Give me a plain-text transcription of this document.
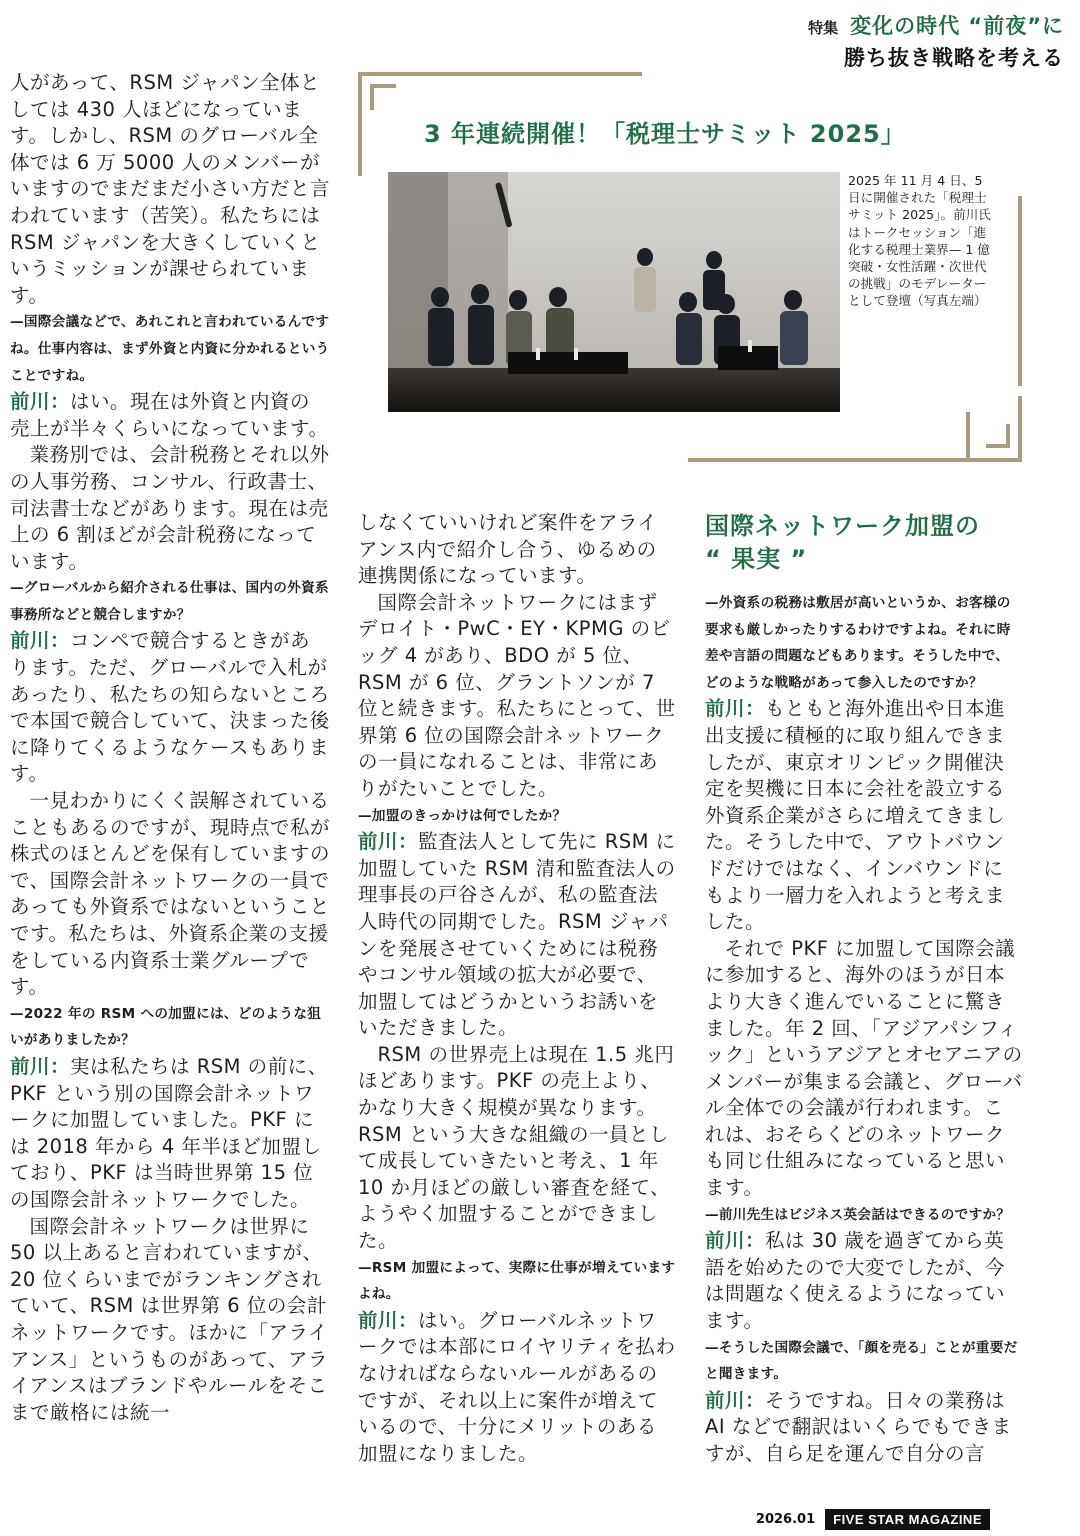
特集 変化の時代 “前夜”に
勝ち抜き戦略を考える

人があって、RSM ジャパン全体としては 430 人ほどになっています。しかし、RSM のグローバル全体では 6 万 5000 人のメンバーがいますのでまだまだ小さい方だと言われています（苦笑）。私たちには RSM ジャパンを大きくしていくというミッションが課せられています。

—国際会議などで、あれこれと言われているんですね。仕事内容は、まず外資と内資に分かれるということですね。

前川：はい。現在は外資と内資の売上が半々くらいになっています。

業務別では、会計税務とそれ以外の人事労務、コンサル、行政書士、司法書士などがあります。現在は売上の 6 割ほどが会計税務になっています。

—グローバルから紹介される仕事は、国内の外資系事務所などと競合しますか？

前川：コンペで競合するときがあります。ただ、グローバルで入札があったり、私たちの知らないところで本国で競合していて、決まった後に降りてくるようなケースもあります。

一見わかりにくく誤解されていることもあるのですが、現時点で私が株式のほとんどを保有していますので、国際会計ネットワークの一員であっても外資系ではないということです。私たちは、外資系企業の支援をしている内資系士業グループです。

—2022 年の RSM への加盟には、どのような狙いがありましたか？

前川：実は私たちは RSM の前に、PKF という別の国際会計ネットワークに加盟していました。PKF には 2018 年から 4 年半ほど加盟しており、PKF は当時世界第 15 位の国際会計ネットワークでした。

国際会計ネットワークは世界に 50 以上あると言われていますが、20 位くらいまでがランキングされていて、RSM は世界第 6 位の会計ネットワークです。ほかに「アライアンス」というものがあって、アライアンスはブランドやルールをそこまで厳格には統一

3 年連続開催！「税理士サミット 2025」
2025 年 11 月 4 日、5 日に開催された「税理士サミット 2025」。前川氏はトークセッション「進化する税理士業界— 1 億突破・女性活躍・次世代の挑戦」のモデレーターとして登壇（写真左端）

しなくていいけれど案件をアライアンス内で紹介し合う、ゆるめの連携関係になっています。

国際会計ネットワークにはまずデロイト・PwC・EY・KPMG のビッグ 4 があり、BDO が 5 位、RSM が 6 位、グラントソンが 7 位と続きます。私たちにとって、世界第 6 位の国際会計ネットワークの一員になれることは、非常にありがたいことでした。

—加盟のきっかけは何でしたか？

前川：監査法人として先に RSM に加盟していた RSM 清和監査法人の理事長の戸谷さんが、私の監査法人時代の同期でした。RSM ジャパンを発展させていくためには税務やコンサル領域の拡大が必要で、加盟してはどうかというお誘いをいただきました。

RSM の世界売上は現在 1.5 兆円ほどあります。PKF の売上より、かなり大きく規模が異なります。RSM という大きな組織の一員として成長していきたいと考え、1 年 10 か月ほどの厳しい審査を経て、ようやく加盟することができました。

—RSM 加盟によって、実際に仕事が増えていますよね。

前川：はい。グローバルネットワークでは本部にロイヤリティを払わなければならないルールがあるのですが、それ以上に案件が増えているので、十分にメリットのある加盟になりました。

国際ネットワーク加盟の
“ 果実 ”

—外資系の税務は敷居が高いというか、お客様の要求も厳しかったりするわけですよね。それに時差や言語の問題などもあります。そうした中で、どのような戦略があって参入したのですか？

前川：もともと海外進出や日本進出支援に積極的に取り組んできましたが、東京オリンピック開催決定を契機に日本に会社を設立する外資系企業がさらに増えてきました。そうした中で、アウトバウンドだけではなく、インバウンドにもより一層力を入れようと考えました。

それで PKF に加盟して国際会議に参加すると、海外のほうが日本より大きく進んでいることに驚きました。年 2 回、「アジアパシフィック」というアジアとオセアニアのメンバーが集まる会議と、グローバル全体での会議が行われます。これは、おそらくどのネットワークも同じ仕組みになっていると思います。

—前川先生はビジネス英会話はできるのですか？

前川：私は 30 歳を過ぎてから英語を始めたので大変でしたが、今は問題なく使えるようになっています。

—そうした国際会議で、「顔を売る」ことが重要だと聞きます。

前川：そうですね。日々の業務は AI などで翻訳はいくらでもできますが、自ら足を運んで自分の言

2026.01	FIVE STAR MAGAZINE
